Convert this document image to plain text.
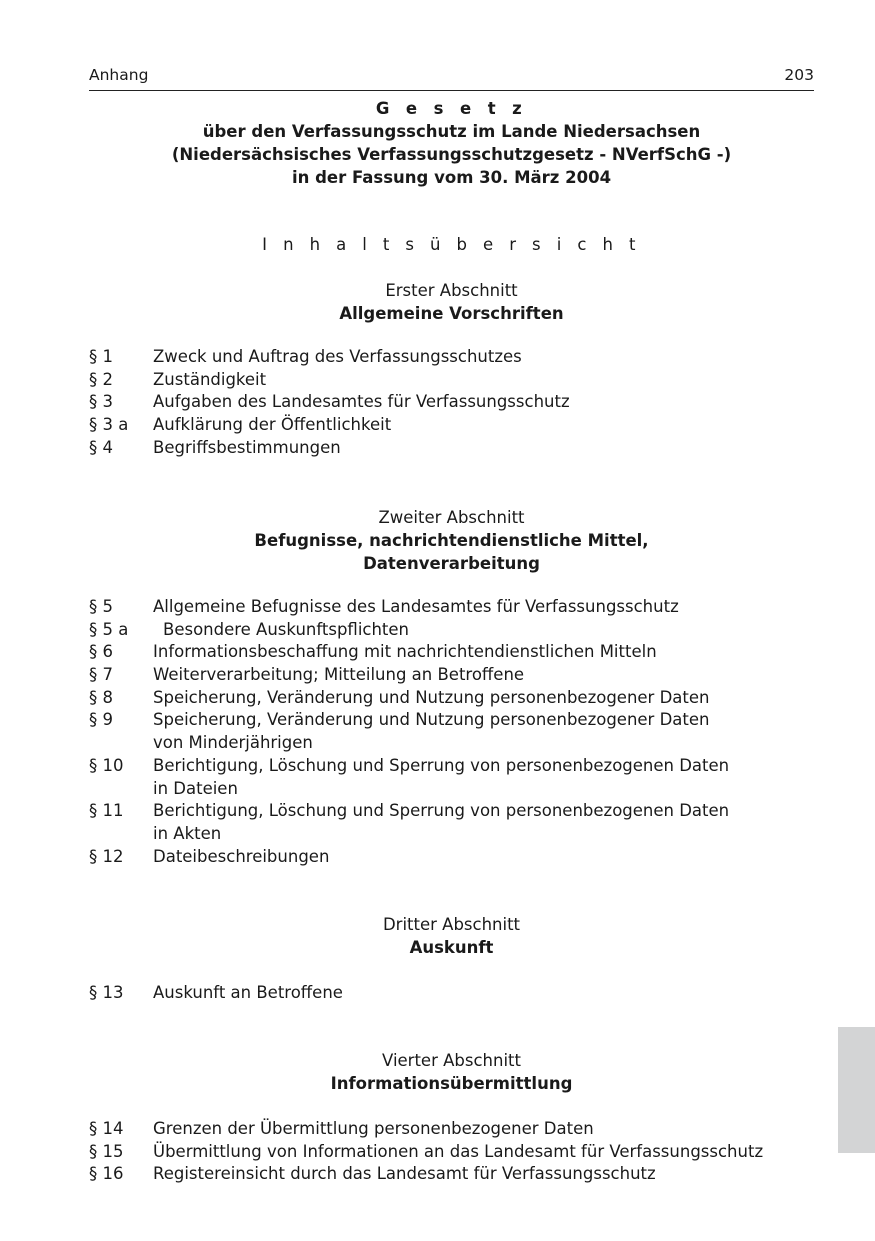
Anhang	203
G e s e t z
über den Verfassungsschutz im Lande Niedersachsen
(Niedersächsisches Verfassungsschutzgesetz - NVerfSchG -)
in der Fassung vom 30. März 2004
I n h a l t s ü b e r s i c h t
Erster Abschnitt
Allgemeine Vorschriften
§ 1 Zweck und Auftrag des Verfassungsschutzes
§ 2 Zuständigkeit
§ 3 Aufgaben des Landesamtes für Verfassungsschutz
§ 3 a Aufklärung der Öffentlichkeit
§ 4 Begriffsbestimmungen
Zweiter Abschnitt
Befugnisse, nachrichtendienstliche Mittel,
Datenverarbeitung
§ 5 Allgemeine Befugnisse des Landesamtes für Verfassungsschutz
§ 5 a Besondere Auskunftspflichten
§ 6 Informationsbeschaffung mit nachrichtendienstlichen Mitteln
§ 7 Weiterverarbeitung; Mitteilung an Betroffene
§ 8 Speicherung, Veränderung und Nutzung personenbezogener Daten
§ 9 Speicherung, Veränderung und Nutzung personenbezogener Daten
von Minderjährigen
§ 10 Berichtigung, Löschung und Sperrung von personenbezogenen Daten
in Dateien
§ 11 Berichtigung, Löschung und Sperrung von personenbezogenen Daten
in Akten
§ 12 Dateibeschreibungen
Dritter Abschnitt
Auskunft
§ 13 Auskunft an Betroffene
Vierter Abschnitt
Informationsübermittlung
§ 14 Grenzen der Übermittlung personenbezogener Daten
§ 15 Übermittlung von Informationen an das Landesamt für Verfassungsschutz
§ 16 Registereinsicht durch das Landesamt für Verfassungsschutz
